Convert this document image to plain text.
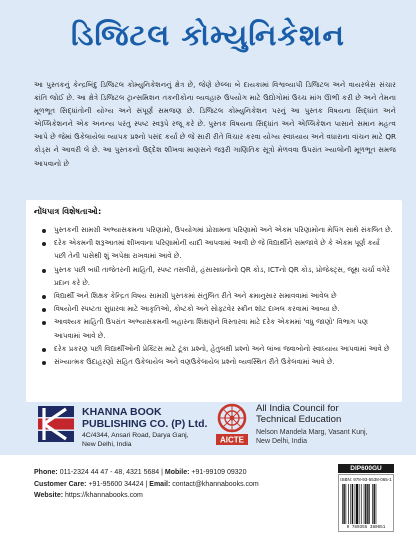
ડિજિટલ કોમ્યુનિકેશન

આ પુસ્તકનું કેન્દ્રબિંદુ ડિજિટલ કોમ્યુનિકેશનનું ક્ષેત્ર છે, જેણે છેલ્લા બે દાયકામાં વિશ્વવ્યાપી ડિજિટલ અને વાયરલેસ સંચાર ક્રાંતિ જોઈ છે. આ ક્ષેત્રે ડિજિટલ ટ્રાન્સમિશન તકનીકોના વ્યવહારુ ઉપયોગ માટે ઉદ્યોગોમાં ઉચ્ચ માંગ ઊભી કરી છે અને તેમના મૂળભૂત સિદ્ધાંતોની યોગ્ય અને સંપૂર્ણ સમજણ છે. ડિજિટલ કોમ્યુનિકેશન પરનું આ પુસ્તક વિષયના સિદ્ધાંત અને એપ્લિકેશનને એક અનન્ય પરંતુ સ્પષ્ટ સ્વરૂપે રજૂ કરે છે. પુસ્તક વિષયના સિદ્ધાંત અને એપ્લિકેશન પાસાને સમાન મહત્વ આપે છે જેમાં ઉકેલાયેલા વ્યાપક પ્રશ્નો પસંદ કર્યા છે જે સારી રીતે વિચાર કરવા યોગ્ય સ્વાધ્યાય અને વધારાના વાંચન માટે QR કોડ્સ ને આવરી લે છે. આ પુસ્તકનો ઉદ્દેશ શીખવા માણસને જરૂરી ગાણિતિક સૂત્રો મેળવવા ઉપરાંત ખ્યાલોની મૂળભૂત સમજ આપવાનો છે

નોંધપાત્ર વિશેષતાઓ:
પુસ્તકની સામગ્રી અભ્યાસક્રમના પરિણામો, ઉપયોગમાં પ્રોગ્રામના પરિણામો અને એકમ પરિણામોના મેપિંગ સાથે સંકલિત છે.
દરેક એકમની શરૂઆતમાં શીખવાના પરિણામોની યાદી આપવામાં આવી છે જે વિદ્યાર્થીને સમજાવે છે કે એકમ પૂર્ણ કર્યા પછી તેની પાસેથી શું અપેક્ષા રાખવામાં આવે છે.
પુસ્તક પછી બધી તાજેતરની માહિતી, સ્પષ્ટ તસવીરો, હંસાસાધનોનો QR કોડ, ICTનો QR કોડ, પ્રોજેક્ટ્સ, જૂથ ચર્ચા વગેરે પ્રદાન કરે છે.
વિદ્યાર્થી અને શિક્ષક કેન્દ્રિત વિષય સામગ્રી પુસ્તકમાં સંતુલિત રીતે અને ક્રમાનુસાર સમાવવામાં આવેલ છે
વિષયોની સ્પષ્ટતા સુધારવા માટે આકૃતિઓ, કોષ્ટકો અને સોફ્ટવેર સ્ક્રીન શૉટ દાખલ કરવામાં આવ્યા છે.
આવશ્યક માહિતી ઉપરાંત અભ્યાસક્રમની બહારના શિક્ષણને વિસ્તારવા માટે દરેક એકમમાં 'વધુ જાણો' વિભાગ પણ આપવામાં આવે છે.
દરેક પ્રકરણ પછી વિદ્યાર્થીઓની પ્રેક્ટિસ માટે ટૂંકા પ્રશ્નો, હેતુલક્ષી પ્રશ્નો અને લાંબા જવાબોનો સ્વાધ્યાય આપવામાં આવે છે
સંખ્યાત્મક ઉદાહરણો સહિત ઉકેલાયેલ અને વણઉકેલાયેલ પ્રશ્નો વ્યવસ્થિત રીતે ઉકેલવામાં આવે છે.
KHANNA BOOK
PUBLISHING CO. (P) Ltd.
4C/4344, Ansari Road, Darya Ganj,
New Delhi, India	AICTE
All India Council for
Technical Education
Nelson Mandela Marg, Vasant Kunj,
New Delhi, India
DIP600GU
ISBN: 978-93-5538-065-1
9 789355 380651
Phone: 011-2324 44 47 - 48, 4321 5684 | Mobile: +91-99109 09320
Customer Care: +91-95600 34424 | Email: contact@khannabooks.com
Website: https://khannabooks.com
